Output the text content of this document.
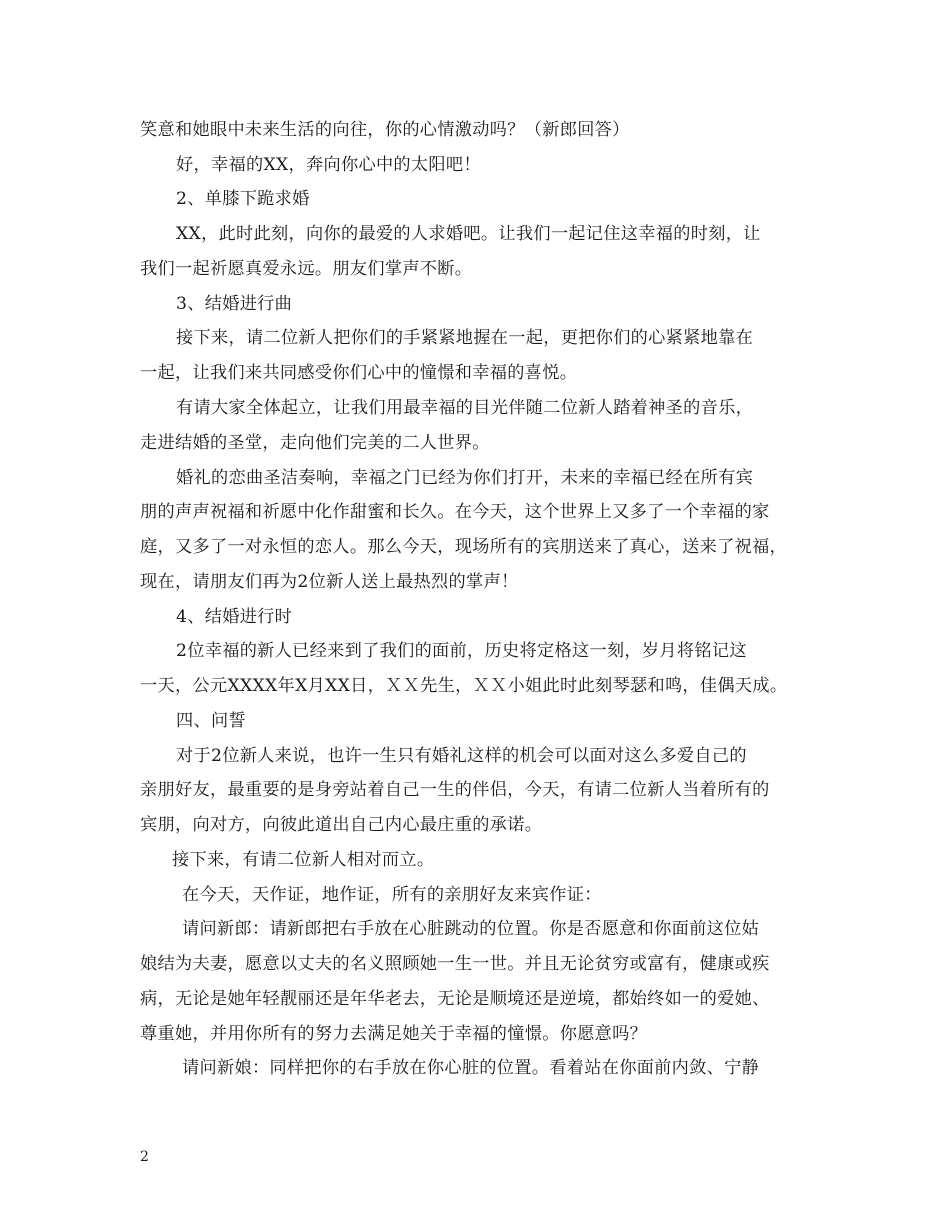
笑意和她眼中未来生活的向往，你的心情激动吗？（新郎回答）
好，幸福的XX，奔向你心中的太阳吧！
2、单膝下跪求婚
XX，此时此刻，向你的最爱的人求婚吧。让我们一起记住这幸福的时刻，让
我们一起祈愿真爱永远。朋友们掌声不断。
3、结婚进行曲
接下来，请二位新人把你们的手紧紧地握在一起，更把你们的心紧紧地靠在
一起，让我们来共同感受你们心中的憧憬和幸福的喜悦。
有请大家全体起立，让我们用最幸福的目光伴随二位新人踏着神圣的音乐，
走进结婚的圣堂，走向他们完美的二人世界。
婚礼的恋曲圣洁奏响，幸福之门已经为你们打开，未来的幸福已经在所有宾
朋的声声祝福和祈愿中化作甜蜜和长久。在今天，这个世界上又多了一个幸福的家
庭，又多了一对永恒的恋人。那么今天，现场所有的宾朋送来了真心，送来了祝福，
现在，请朋友们再为2位新人送上最热烈的掌声！
4、结婚进行时
2位幸福的新人已经来到了我们的面前，历史将定格这一刻，岁月将铭记这
一天，公元XXXX年X月XX日，ＸＸ先生，ＸＸ小姐此时此刻琴瑟和鸣，佳偶天成。
四、问誓
对于2位新人来说，也许一生只有婚礼这样的机会可以面对这么多爱自己的
亲朋好友，最重要的是身旁站着自己一生的伴侣，今天，有请二位新人当着所有的
宾朋，向对方，向彼此道出自己内心最庄重的承诺。
接下来，有请二位新人相对而立。
在今天，天作证，地作证，所有的亲朋好友来宾作证：
请问新郎：请新郎把右手放在心脏跳动的位置。你是否愿意和你面前这位姑
娘结为夫妻，愿意以丈夫的名义照顾她一生一世。并且无论贫穷或富有，健康或疾
病，无论是她年轻靓丽还是年华老去，无论是顺境还是逆境，都始终如一的爱她、
尊重她，并用你所有的努力去满足她关于幸福的憧憬。你愿意吗？
请问新娘：同样把你的右手放在你心脏的位置。看着站在你面前内敛、宁静
2
